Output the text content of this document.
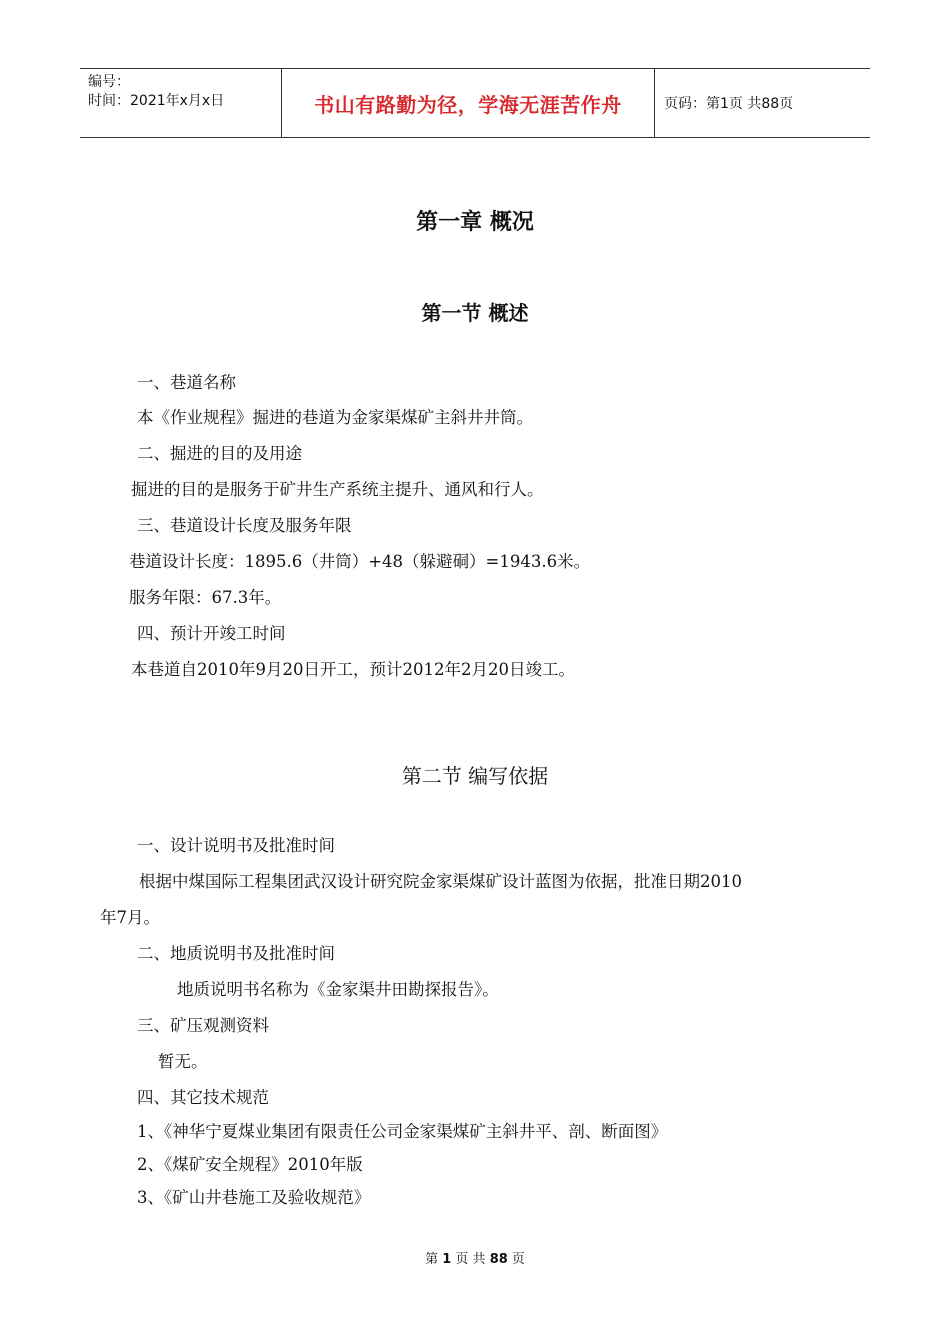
编号：
时间：2021年x月x日	书山有路勤为径，学海无涯苦作舟	页码：第1页 共88页
第一章 概况
第一节 概述
一、巷道名称
本《作业规程》掘进的巷道为金家渠煤矿主斜井井筒。
二、掘进的目的及用途
掘进的目的是服务于矿井生产系统主提升、通风和行人。
三、巷道设计长度及服务年限
巷道设计长度：1895.6（井筒）+48（躲避硐）=1943.6米。
服务年限：67.3年。
四、预计开竣工时间
本巷道自2010年9月20日开工，预计2012年2月20日竣工。
第二节 编写依据
一、设计说明书及批准时间
根据中煤国际工程集团武汉设计研究院金家渠煤矿设计蓝图为依据，批准日期2010
年7月。
二、地质说明书及批准时间
地质说明书名称为《金家渠井田勘探报告》。
三、矿压观测资料
暂无。
四、其它技术规范
1、《神华宁夏煤业集团有限责任公司金家渠煤矿主斜井平、剖、断面图》
2、《煤矿安全规程》2010年版
3、《矿山井巷施工及验收规范》
第 1 页 共 88 页
